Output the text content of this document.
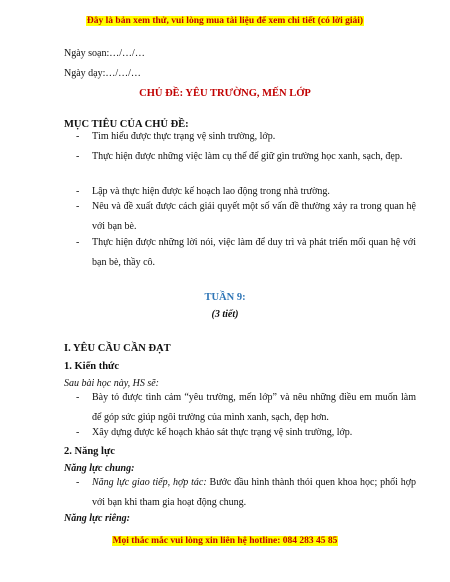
Đây là bản xem thử, vui lòng mua tài liệu để xem chi tiết (có lời giải)
Ngày soạn:…/…/…
Ngày dạy:…/…/…
CHỦ ĐỀ: YÊU TRƯỜNG, MẾN LỚP
MỤC TIÊU CỦA CHỦ ĐỀ:
- Tìm hiểu được thực trạng vệ sinh trường, lớp.
- Thực hiện được những việc làm cụ thể để giữ gìn trường học xanh, sạch, đẹp.
- Lập và thực hiện được kế hoạch lao động trong nhà trường.
- Nêu và đề xuất được cách giải quyết một số vấn đề thường xảy ra trong quan hệ với bạn bè.
- Thực hiện được những lời nói, việc làm để duy trì và phát triển mối quan hệ với bạn bè, thầy cô.
TUẦN 9:
(3 tiết)
I. YÊU CẦU CẦN ĐẠT
1. Kiến thức
Sau bài học này, HS sẽ:
- Bày tỏ được tình cảm “yêu trường, mến lớp” và nêu những điều em muốn làm để góp sức giúp ngôi trường của mình xanh, sạch, đẹp hơn.
- Xây dựng được kế hoạch khảo sát thực trạng vệ sinh trường, lớp.
2. Năng lực
Năng lực chung:
- Năng lực giao tiếp, hợp tác: Bước đầu hình thành thói quen khoa học; phối hợp với bạn khi tham gia hoạt động chung.
Năng lực riêng:
Mọi thắc mắc vui lòng xin liên hệ hotline: 084 283 45 85
